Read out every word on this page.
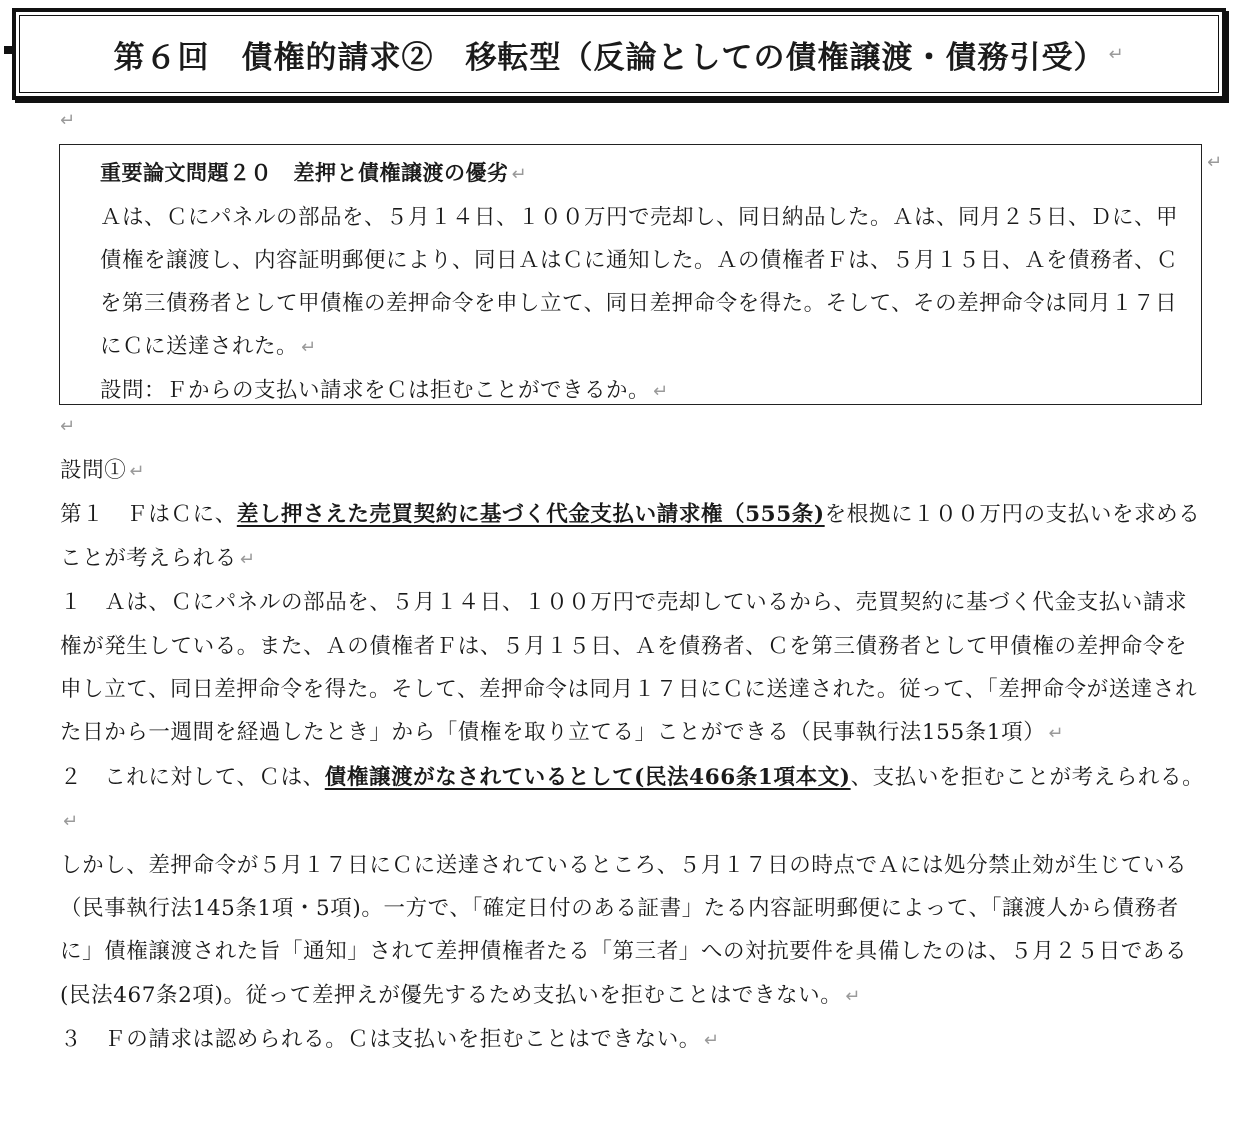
第６回　債権的請求②　移転型（反論としての債権譲渡・債務引受） ↵
↵
重要論文問題２０　差押と債権譲渡の優劣 ↵
Ａは、Ｃにパネルの部品を、５月１４日、１００万円で売却し、同日納品した。Ａは、同月２５日、Ｄに、甲債権を譲渡し、内容証明郵便により、同日ＡはＣに通知した。Ａの債権者Ｆは、５月１５日、Ａを債務者、Ｃを第三債務者として甲債権の差押命令を申し立て、同日差押命令を得た。そして、その差押命令は同月１７日にＣに送達された。 ↵
設問：Ｆからの支払い請求をＣは拒むことができるか。 ↵
↵
↵

設問① ↵

第１　ＦはＣに、差し押さえた売買契約に基づく代金支払い請求権（555条)を根拠に１００万円の支払いを求めることが考えられる ↵

１　Ａは、Ｃにパネルの部品を、５月１４日、１００万円で売却しているから、売買契約に基づく代金支払い請求権が発生している。また、Ａの債権者Ｆは、５月１５日、Ａを債務者、Ｃを第三債務者として甲債権の差押命令を申し立て、同日差押命令を得た。そして、差押命令は同月１７日にＣに送達された。従って、「差押命令が送達された日から一週間を経過したとき」から「債権を取り立てる」ことができる（民事執行法155条1項） ↵

２　これに対して、Ｃは、債権譲渡がなされているとして(民法466条1項本文)、支払いを拒むことが考えられる。↵

しかし、差押命令が５月１７日にＣに送達されているところ、５月１７日の時点でＡには処分禁止効が生じている（民事執行法145条1項・5項)。一方で、「確定日付のある証書」たる内容証明郵便によって、「譲渡人から債務者に」債権譲渡された旨「通知」されて差押債権者たる「第三者」への対抗要件を具備したのは、５月２５日である(民法467条2項)。従って差押えが優先するため支払いを拒むことはできない。 ↵

３　Ｆの請求は認められる。Ｃは支払いを拒むことはできない。 ↵
